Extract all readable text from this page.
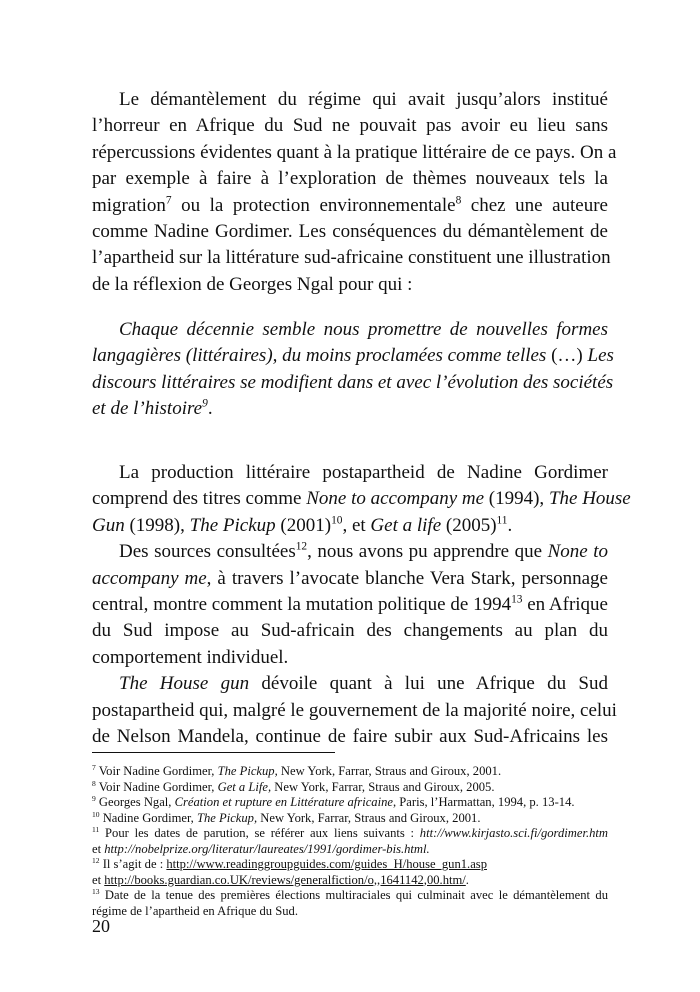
Le démantèlement du régime qui avait jusqu’alors institué
l’horreur en Afrique du Sud ne pouvait pas avoir eu lieu sans
répercussions évidentes quant à la pratique littéraire de ce pays. On a
par exemple à faire à l’exploration de thèmes nouveaux tels la
migration$^7$ ou la protection environnementale$^8$ chez une auteure
comme Nadine Gordimer. Les conséquences du démantèlement de
l’apartheid sur la littérature sud-africaine constituent une illustration
de la réflexion de Georges Ngal pour qui :
Chaque décennie semble nous promettre de nouvelles formes
langagières (littéraires), du moins proclamées comme telles (…) Les
discours littéraires se modifient dans et avec l’évolution des sociétés
et de l’histoire$^9$.
La production littéraire postapartheid de Nadine Gordimer
comprend des titres comme None to accompany me (1994), The House
Gun (1998), The Pickup $(2001)^{10}$, et Get a life $(2005)^{11}$.
Des sources consultées$^{12}$, nous avons pu apprendre que None to
accompany me, à travers l’avocate blanche Vera Stark, personnage
central, montre comment la mutation politique de 1994$^{13}$ en Afrique
du Sud impose au Sud-africain des changements au plan du
comportement individuel.
The House gun dévoile quant à lui une Afrique du Sud
postapartheid qui, malgré le gouvernement de la majorité noire, celui
de Nelson Mandela, continue de faire subir aux Sud-Africains les
$^7$ Voir Nadine Gordimer, The Pickup, New York, Farrar, Straus and Giroux, 2001.
$^8$ Voir Nadine Gordimer, Get a Life, New York, Farrar, Straus and Giroux, 2005.
$^9$ Georges Ngal, Création et rupture en Littérature africaine, Paris, l’Harmattan, 1994, p. 13-14.
$^{10}$ Nadine Gordimer, The Pickup, New York, Farrar, Straus and Giroux, 2001.
$^{11}$ Pour les dates de parution, se référer aux liens suivants : htt://www.kirjasto.sci.fi/gordimer.htm
et http://nobelprize.org/literatur/laureates/1991/gordimer-bis.html.
$^{12}$ Il s’agit de : http://www.readinggroupguides.com/guides_H/house_gun1.asp
et http://books.guardian.co.UK/reviews/generalfiction/o,,1641142,00.htm/.
$^{13}$ Date de la tenue des premières élections multiraciales qui culminait avec le démantèlement du
régime de l’apartheid en Afrique du Sud.
20
